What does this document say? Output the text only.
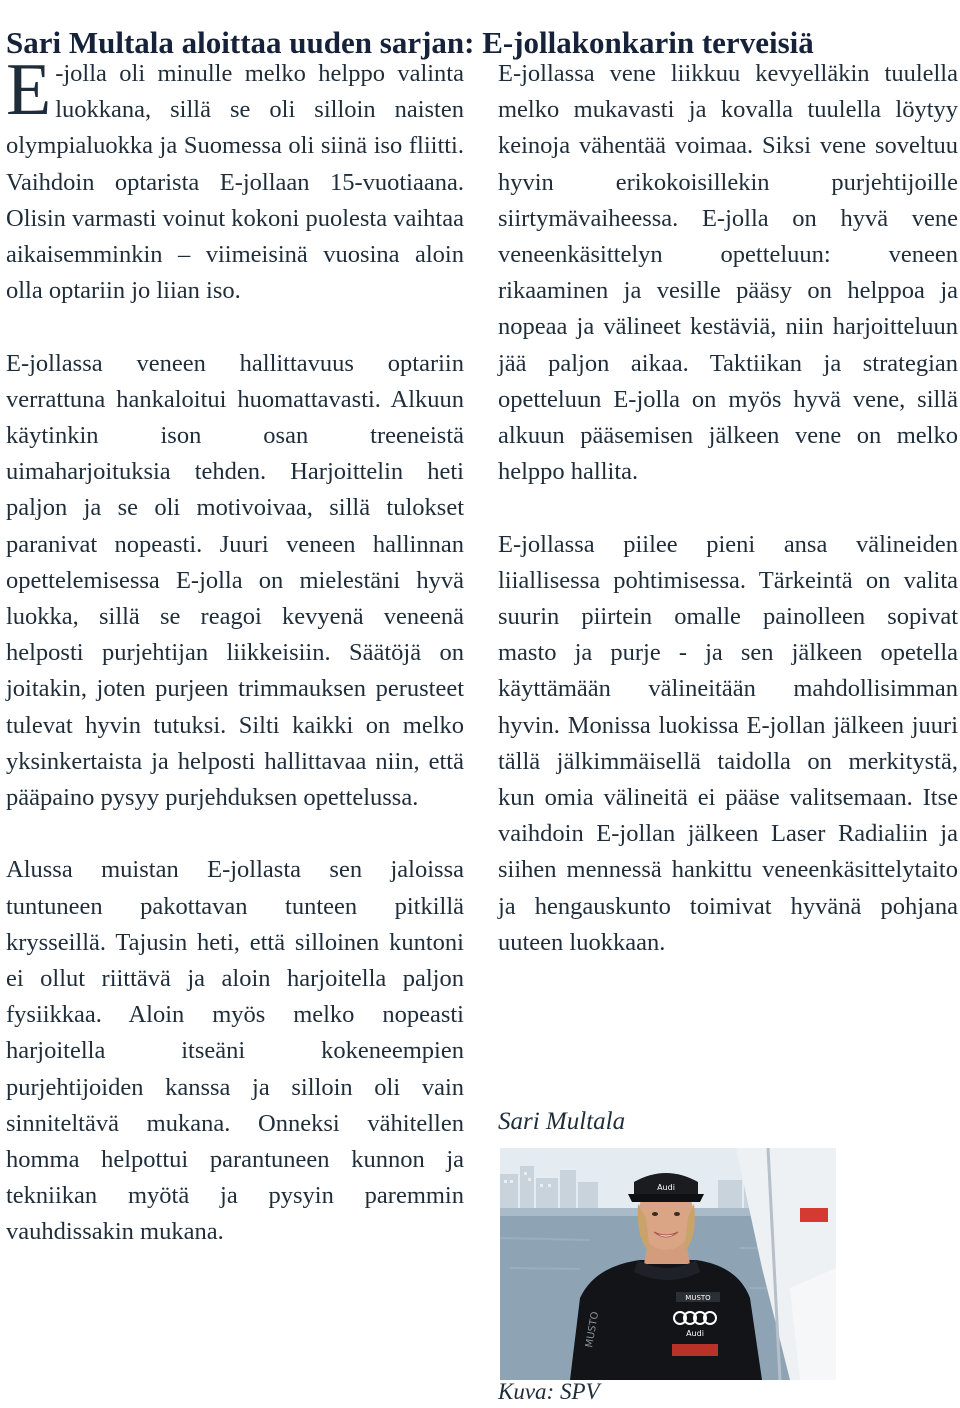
Sari Multala aloittaa uuden sarjan: E-jollakonkarin terveisiä

E -jolla oli minulle melko helppo valinta luokkana, sillä se oli silloin naisten olympialuokka ja Suomessa oli siinä iso fliitti. Vaihdoin optarista E-jollaan 15-vuotiaana. Olisin varmasti voinut kokoni puolesta vaihtaa aikaisemminkin – viimeisinä vuosina aloin olla optariin jo liian iso.

E-jollassa veneen hallittavuus optariin verrattuna hankaloitui huomattavasti. Alkuun käytinkin ison osan treeneistä uimaharjoituksia tehden. Harjoittelin heti paljon ja se oli motivoivaa, sillä tulokset paranivat nopeasti. Juuri veneen hallinnan opettelemisessa E-jolla on mielestäni hyvä luokka, sillä se reagoi kevyenä veneenä helposti purjehtijan liikkeisiin. Säätöjä on joitakin, joten purjeen trimmauksen perusteet tulevat hyvin tutuksi. Silti kaikki on melko yksinkertaista ja helposti hallittavaa niin, että pääpaino pysyy purjehduksen opettelussa.

Alussa muistan E-jollasta sen jaloissa tuntuneen pakottavan tunteen pitkillä krysseillä. Tajusin heti, että silloinen kuntoni ei ollut riittävä ja aloin harjoitella paljon fysiikkaa. Aloin myös melko nopeasti harjoitella itseäni kokeneempien purjehtijoiden kanssa ja silloin oli vain sinniteltävä mukana. Onneksi vähitellen homma helpottui parantuneen kunnon ja tekniikan myötä ja pysyin paremmin vauhdissakin mukana.

E-jollassa vene liikkuu kevyelläkin tuulella melko mukavasti ja kovalla tuulella löytyy keinoja vähentää voimaa. Siksi vene soveltuu hyvin erikokoisillekin purjehtijoille siirtymävaiheessa. E-jolla on hyvä vene veneenkäsittelyn opetteluun: veneen rikaaminen ja vesille pääsy on helppoa ja nopeaa ja välineet kestäviä, niin harjoitteluun jää paljon aikaa. Taktiikan ja strategian opetteluun E-jolla on myös hyvä vene, sillä alkuun pääsemisen jälkeen vene on melko helppo hallita.

E-jollassa piilee pieni ansa välineiden liiallisessa pohtimisessa. Tärkeintä on valita suurin piirtein omalle painolleen sopivat masto ja purje - ja sen jälkeen opetella käyttämään välineitään mahdollisimman hyvin. Monissa luokissa E-jollan jälkeen juuri tällä jälkimmäisellä taidolla on merkitystä, kun omia välineitä ei pääse valitsemaan. Itse vaihdoin E-jollan jälkeen Laser Radialiin ja siihen mennessä hankittu veneenkäsittelytaito ja hengauskunto toimivat hyvänä pohjana uuteen luokkaan.

Sari Multala
Audi
MUSTO
Audi
MUSTO
Kuva: SPV
